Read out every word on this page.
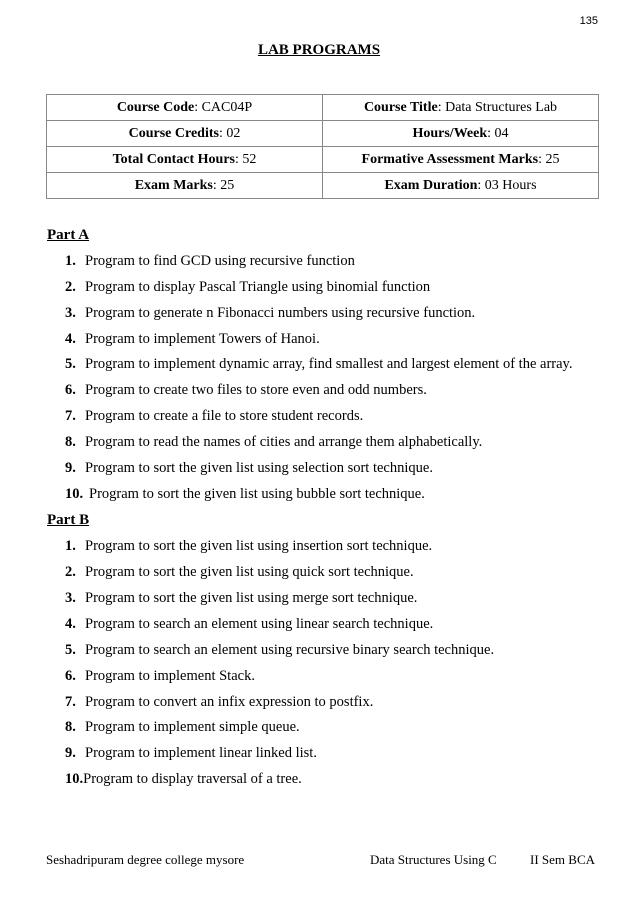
135
LAB PROGRAMS
Course Code: CAC04P	Course Title: Data Structures Lab
Course Credits: 02	Hours/Week: 04
Total Contact Hours: 52	Formative Assessment Marks: 25
Exam Marks: 25	Exam Duration: 03 Hours
Part A
1. Program to find GCD using recursive function
2. Program to display Pascal Triangle using binomial function
3. Program to generate n Fibonacci numbers using recursive function.
4. Program to implement Towers of Hanoi.
5. Program to implement dynamic array, find smallest and largest element of the array.
6. Program to create two files to store even and odd numbers.
7. Program to create a file to store student records.
8. Program to read the names of cities and arrange them alphabetically.
9. Program to sort the given list using selection sort technique.
10. Program to sort the given list using bubble sort technique.
Part B
1. Program to sort the given list using insertion sort technique.
2. Program to sort the given list using quick sort technique.
3. Program to sort the given list using merge sort technique.
4. Program to search an element using linear search technique.
5. Program to search an element using recursive binary search technique.
6. Program to implement Stack.
7. Program to convert an infix expression to postfix.
8. Program to implement simple queue.
9. Program to implement linear linked list.
10.Program to display traversal of a tree.
Seshadripuram degree college mysore	Data Structures Using C	II Sem BCA
